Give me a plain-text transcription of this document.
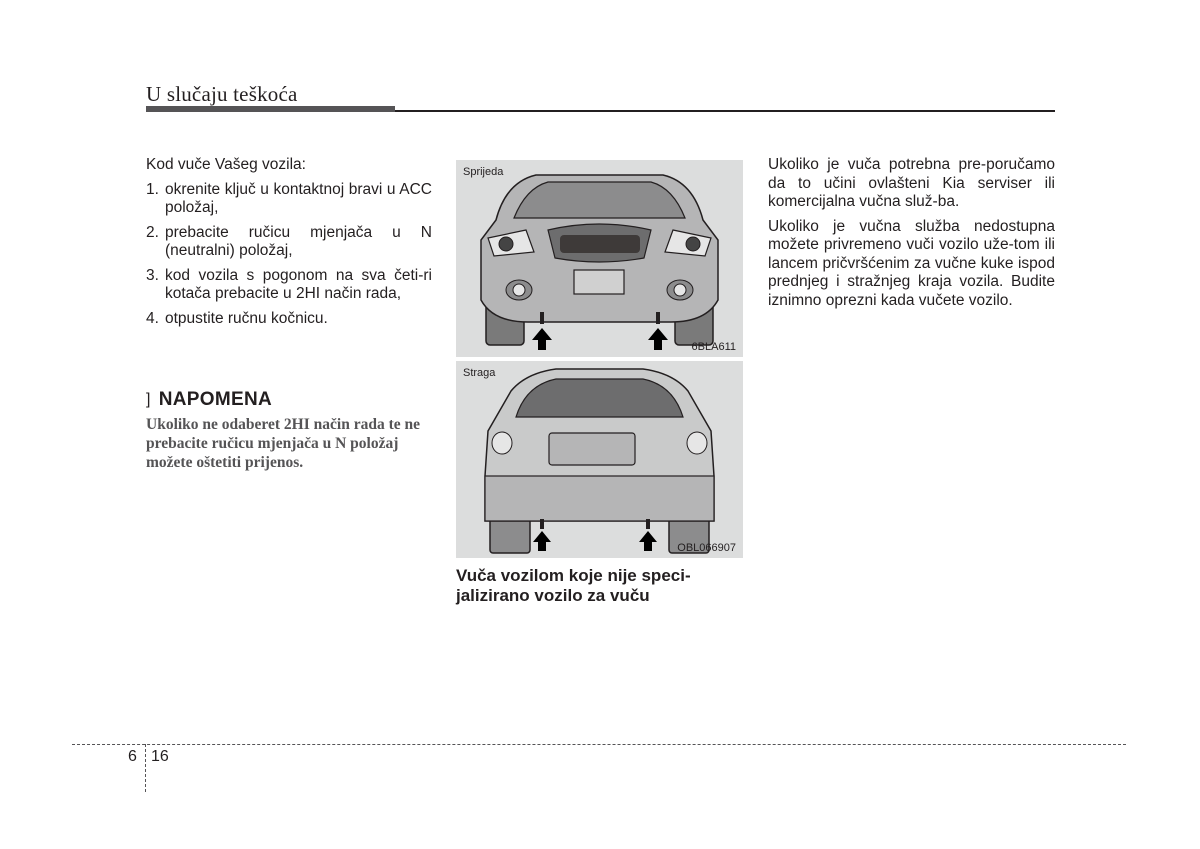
U slučaju teškoća

Kod vuče Vašeg vozila:

1. okrenite ključ u kontaktnoj bravi u ACC položaj,
2. prebacite ručicu mjenjača u N (neutralni) položaj,
3. kod vozila s pogonom na sva četi-ri kotača prebacite u 2HI način rada,
4. otpustite ručnu kočnicu.
] NAPOMENA
Ukoliko ne odaberet 2HI način rada te ne prebacite ručicu mjenjača u N položaj možete oštetiti prijenos.
Sprijeda
6BLA611
Straga
OBL066907
Vuča vozilom koje nije speci-jalizirano vozilo za vuču

Ukoliko je vuča potrebna pre-poručamo da to učini ovlašteni Kia serviser ili komercijalna vučna služ-ba.

Ukoliko je vučna služba nedostupna možete privremeno vuči vozilo uže-tom ili lancem pričvršćenim za vučne kuke ispod prednjeg i stražnjeg kraja vozila. Budite iznimno oprezni kada vučete vozilo.

6 16
